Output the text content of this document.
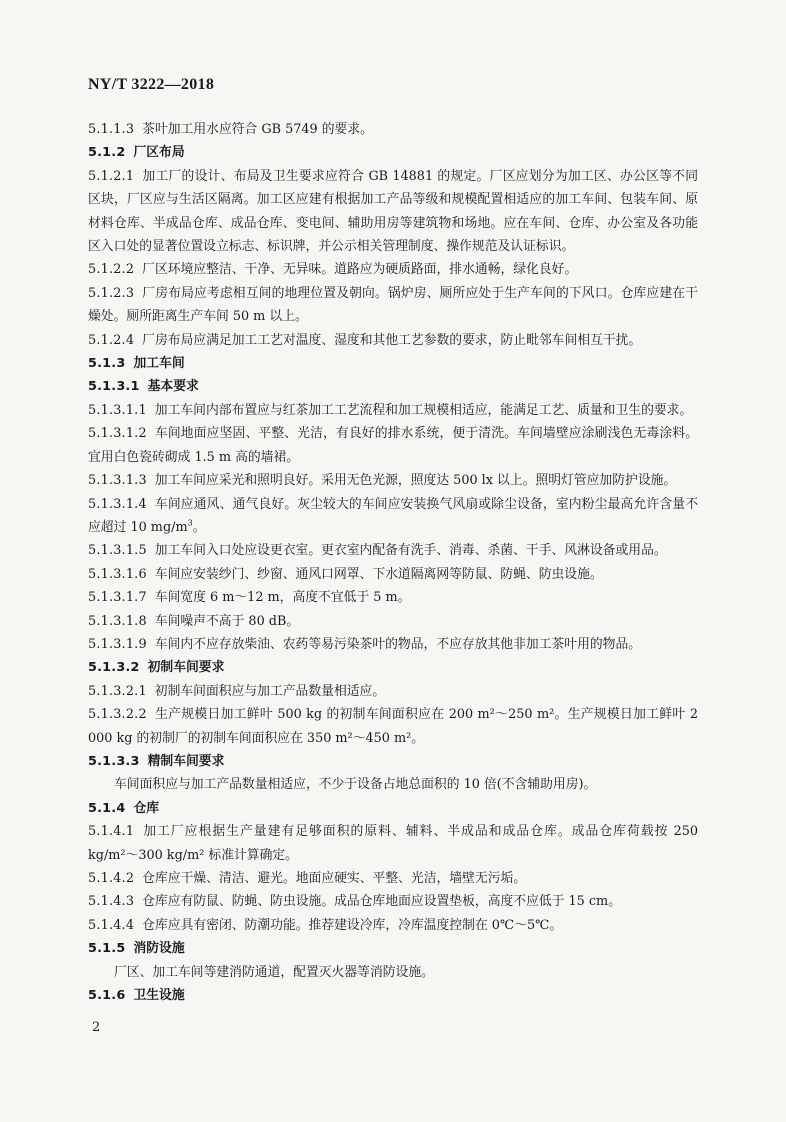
NY/T 3222—2018
5.1.1.3 茶叶加工用水应符合 GB 5749 的要求。
5.1.2 厂区布局
5.1.2.1 加工厂的设计、布局及卫生要求应符合 GB 14881 的规定。厂区应划分为加工区、办公区等不同区块，厂区应与生活区隔离。加工区应建有根据加工产品等级和规模配置相适应的加工车间、包装车间、原材料仓库、半成品仓库、成品仓库、变电间、辅助用房等建筑物和场地。应在车间、仓库、办公室及各功能区入口处的显著位置设立标志、标识牌，并公示相关管理制度、操作规范及认证标识。
5.1.2.2 厂区环境应整洁、干净、无异味。道路应为硬质路面，排水通畅，绿化良好。
5.1.2.3 厂房布局应考虑相互间的地理位置及朝向。锅炉房、厕所应处于生产车间的下风口。仓库应建在干燥处。厕所距离生产车间 50 m 以上。
5.1.2.4 厂房布局应满足加工工艺对温度、湿度和其他工艺参数的要求，防止毗邻车间相互干扰。
5.1.3 加工车间
5.1.3.1 基本要求
5.1.3.1.1 加工车间内部布置应与红茶加工工艺流程和加工规模相适应，能满足工艺、质量和卫生的要求。
5.1.3.1.2 车间地面应坚固、平整、光洁，有良好的排水系统，便于清洗。车间墙壁应涂刷浅色无毒涂料。宜用白色瓷砖砌成 1.5 m 高的墙裙。
5.1.3.1.3 加工车间应采光和照明良好。采用无色光源，照度达 500 lx 以上。照明灯管应加防护设施。
5.1.3.1.4 车间应通风、通气良好。灰尘较大的车间应安装换气风扇或除尘设备，室内粉尘最高允许含量不应超过 10 $mg/m^3$。
5.1.3.1.5 加工车间入口处应设更衣室。更衣室内配备有洗手、消毒、杀菌、干手、风淋设备或用品。
5.1.3.1.6 车间应安装纱门、纱窗、通风口网罩、下水道隔离网等防鼠、防蝇、防虫设施。
5.1.3.1.7 车间宽度 6 m～12 m，高度不宜低于 5 m。
5.1.3.1.8 车间噪声不高于 80 dB。
5.1.3.1.9 车间内不应存放柴油、农药等易污染茶叶的物品，不应存放其他非加工茶叶用的物品。
5.1.3.2 初制车间要求
5.1.3.2.1 初制车间面积应与加工产品数量相适应。
5.1.3.2.2 生产规模日加工鲜叶 500 kg 的初制车间面积应在 200 m²～250 m²。生产规模日加工鲜叶 2 000 kg 的初制厂的初制车间面积应在 350 m²～450 m²。
5.1.3.3 精制车间要求
车间面积应与加工产品数量相适应，不少于设备占地总面积的 10 倍(不含辅助用房)。
5.1.4 仓库
5.1.4.1 加工厂应根据生产量建有足够面积的原料、辅料、半成品和成品仓库。成品仓库荷载按 250 kg/m²～300 kg/m² 标准计算确定。
5.1.4.2 仓库应干燥、清洁、避光。地面应硬实、平整、光洁，墙壁无污垢。
5.1.4.3 仓库应有防鼠、防蝇、防虫设施。成品仓库地面应设置垫板，高度不应低于 15 cm。
5.1.4.4 仓库应具有密闭、防潮功能。推荐建设冷库，冷库温度控制在 0℃～5℃。
5.1.5 消防设施
厂区、加工车间等建消防通道，配置灭火器等消防设施。
5.1.6 卫生设施
2
